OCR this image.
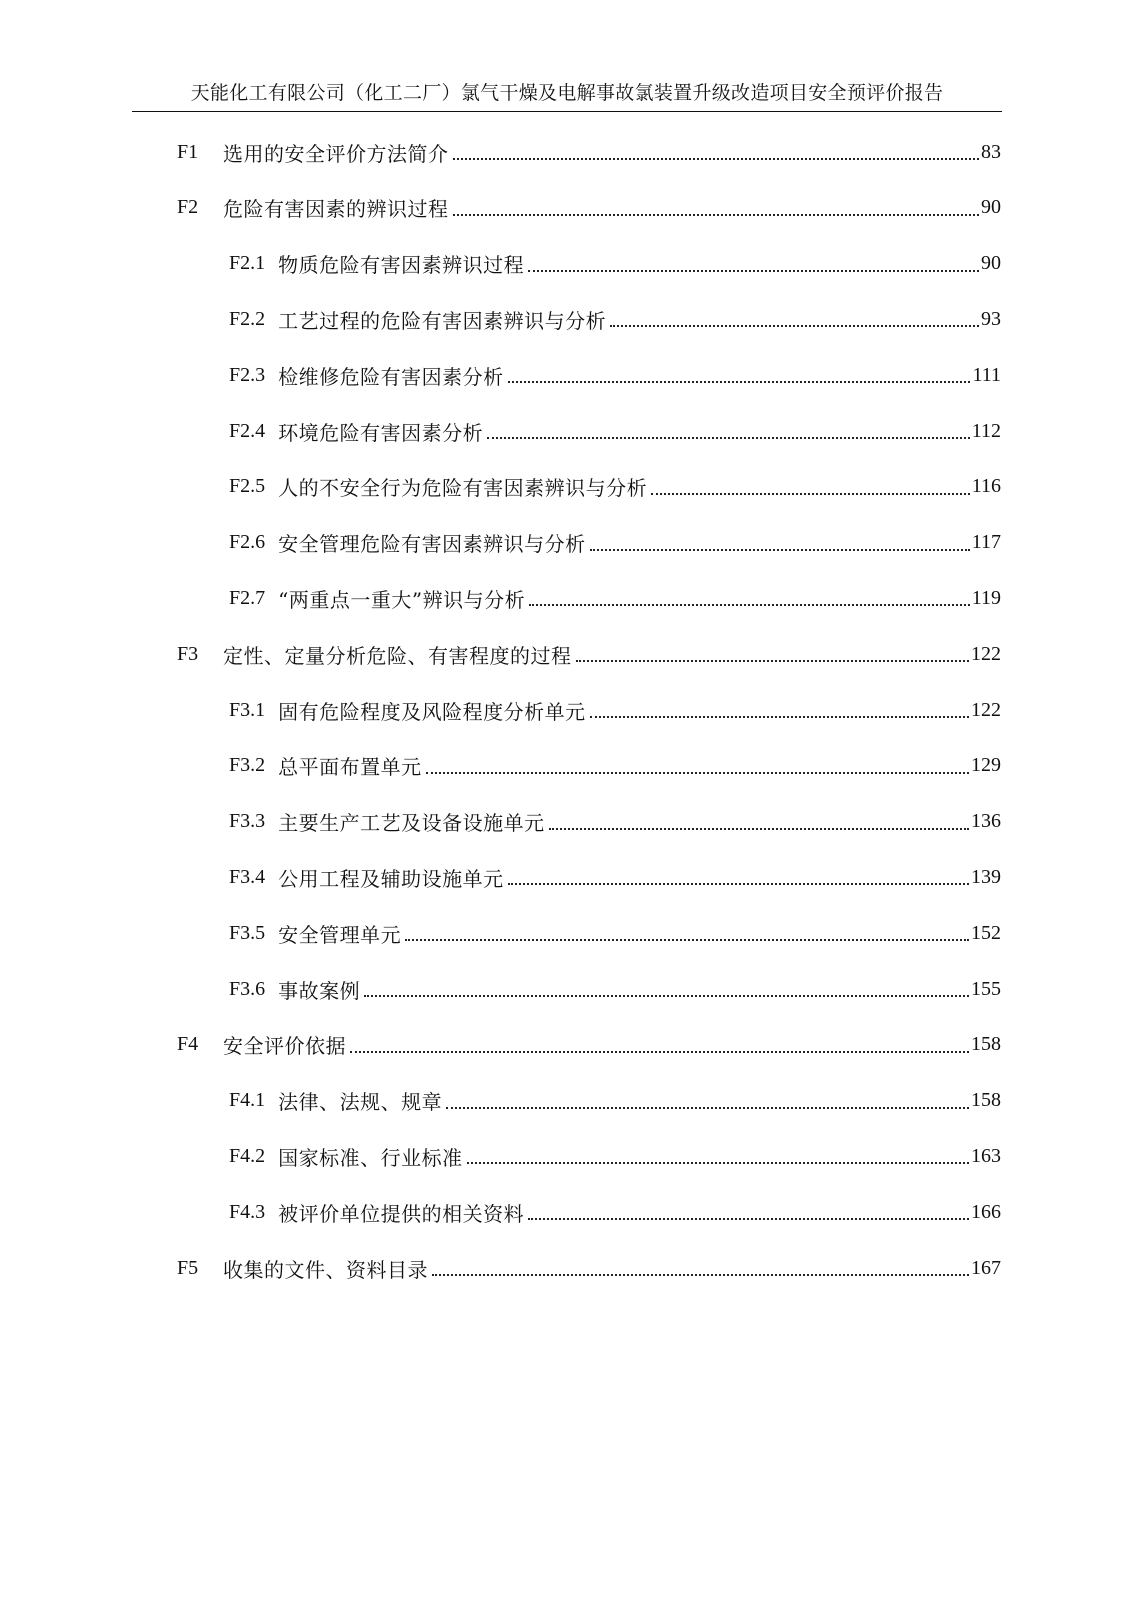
天能化工有限公司（化工二厂）氯气干燥及电解事故氯装置升级改造项目安全预评价报告
F1	选用的安全评价方法简介	83
F2	危险有害因素的辨识过程	90
F2.1 物质危险有害因素辨识过程	90
F2.2 工艺过程的危险有害因素辨识与分析	93
F2.3 检维修危险有害因素分析	111
F2.4 环境危险有害因素分析	112
F2.5 人的不安全行为危险有害因素辨识与分析	116
F2.6 安全管理危险有害因素辨识与分析	117
F2.7 “两重点一重大”辨识与分析	119
F3	定性、定量分析危险、有害程度的过程	122
F3.1 固有危险程度及风险程度分析单元	122
F3.2 总平面布置单元	129
F3.3 主要生产工艺及设备设施单元	136
F3.4 公用工程及辅助设施单元	139
F3.5 安全管理单元	152
F3.6 事故案例	155
F4	安全评价依据	158
F4.1 法律、法规、规章	158
F4.2 国家标准、行业标准	163
F4.3 被评价单位提供的相关资料	166
F5	收集的文件、资料目录	167
